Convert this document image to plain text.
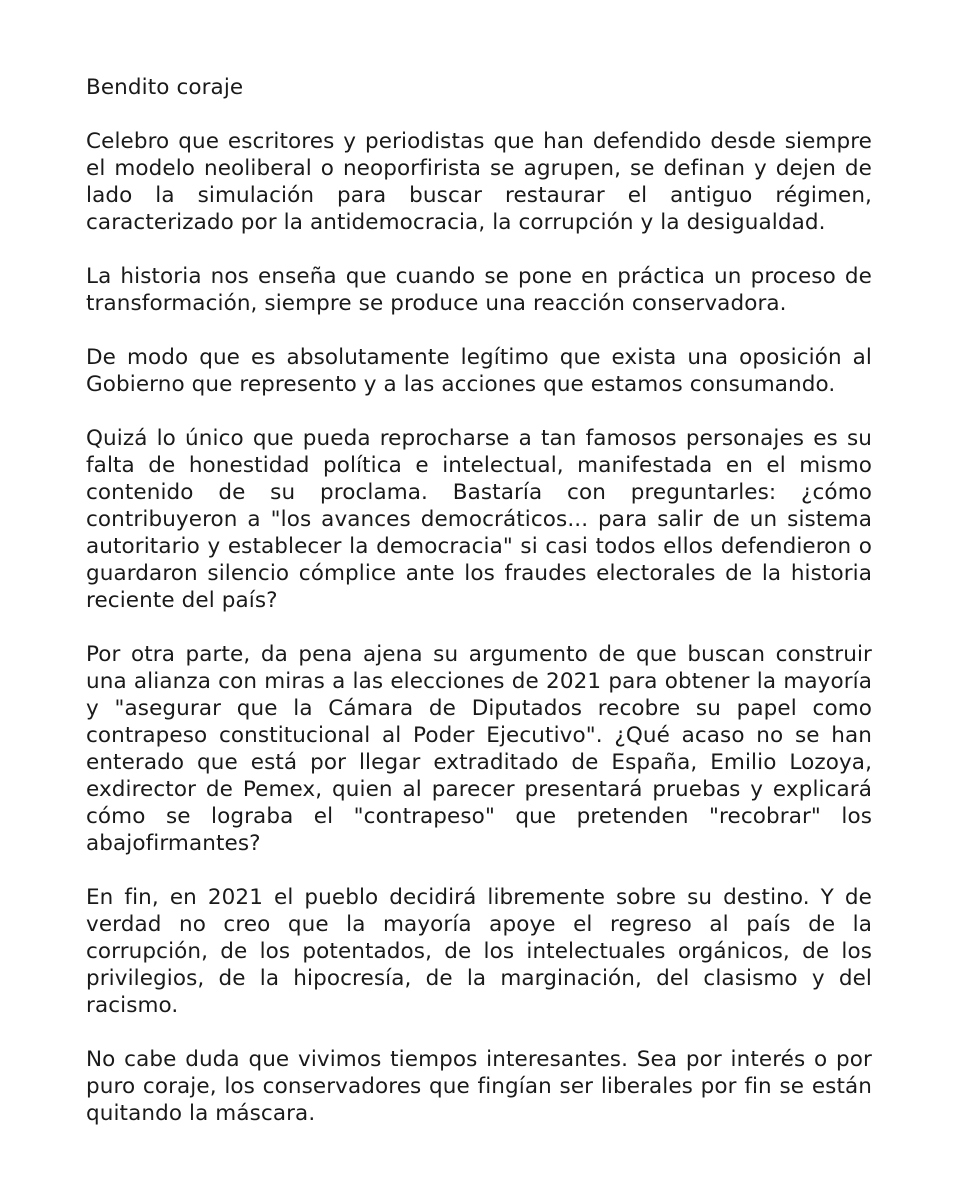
Bendito coraje

Celebro que escritores y periodistas que han defendido desde siempre el modelo neoliberal o neoporfirista se agrupen, se definan y dejen de lado la simulación para buscar restaurar el antiguo régimen, caracterizado por la antidemocracia, la corrupción y la desigualdad.

La historia nos enseña que cuando se pone en práctica un proceso de transformación, siempre se produce una reacción conservadora.

De modo que es absolutamente legítimo que exista una oposición al Gobierno que represento y a las acciones que estamos consumando.

Quizá lo único que pueda reprocharse a tan famosos personajes es su falta de honestidad política e intelectual, manifestada en el mismo contenido de su proclama. Bastaría con preguntarles: ¿cómo contribuyeron a "los avances democráticos... para salir de un sistema autoritario y establecer la democracia" si casi todos ellos defendieron o guardaron silencio cómplice ante los fraudes electorales de la historia reciente del país?

Por otra parte, da pena ajena su argumento de que buscan construir una alianza con miras a las elecciones de 2021 para obtener la mayoría y "asegurar que la Cámara de Diputados recobre su papel como contrapeso constitucional al Poder Ejecutivo". ¿Qué acaso no se han enterado que está por llegar extraditado de España, Emilio Lozoya, exdirector de Pemex, quien al parecer presentará pruebas y explicará cómo se lograba el "contrapeso" que pretenden "recobrar" los abajofirmantes?

En fin, en 2021 el pueblo decidirá libremente sobre su destino. Y de verdad no creo que la mayoría apoye el regreso al país de la corrupción, de los potentados, de los intelectuales orgánicos, de los privilegios, de la hipocresía, de la marginación, del clasismo y del racismo.

No cabe duda que vivimos tiempos interesantes. Sea por interés o por puro coraje, los conservadores que fingían ser liberales por fin se están quitando la máscara.
